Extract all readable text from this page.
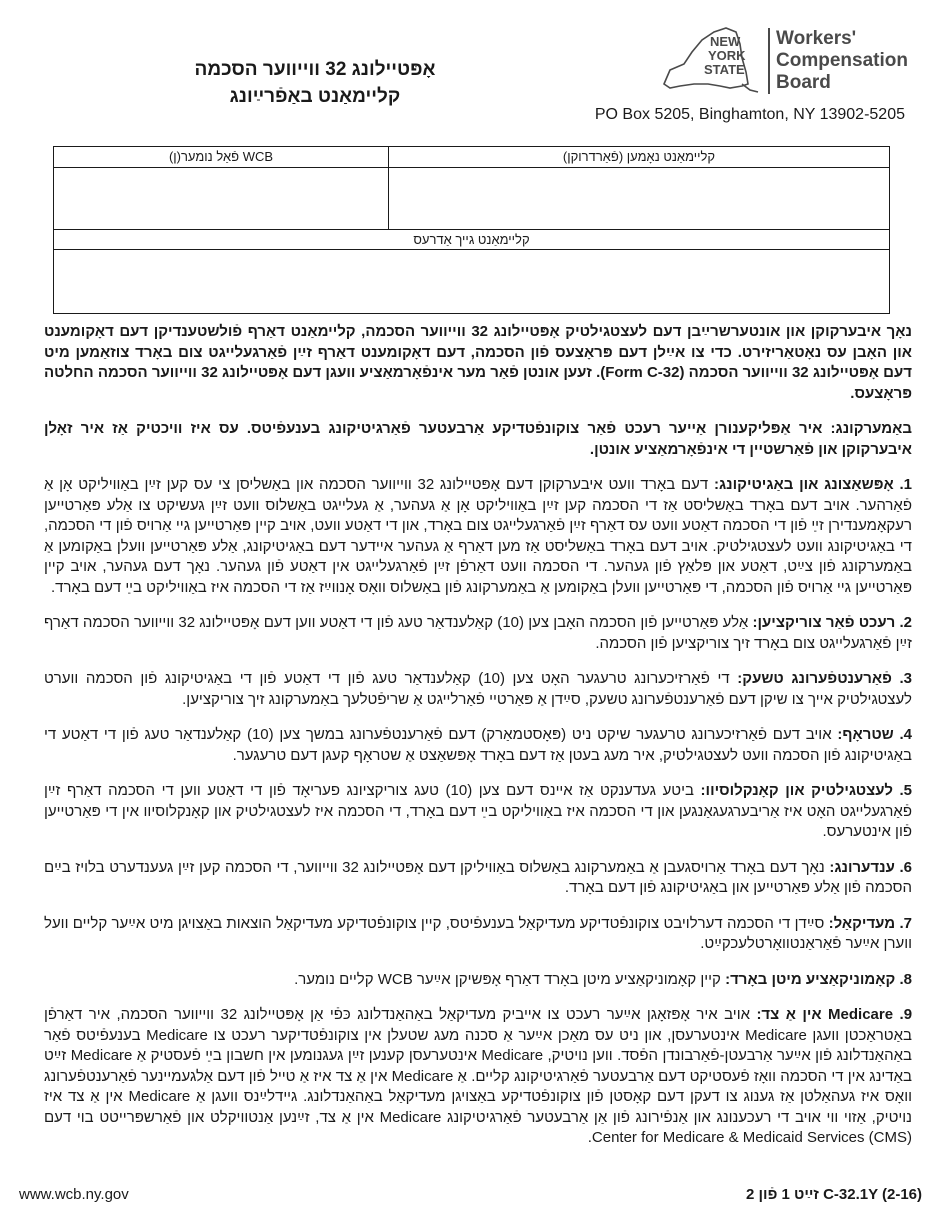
אָפּטיילונג 32 ווייווער הסכמה
קליימאַנט באַפֿרײַונג
NEW
YORK
STATE
Workers'
Compensation
Board
PO Box 5205, Binghamton, NY 13902-5205
קליימאַנט נאָמען (פֿאַרדרוקן)
WCB פֿאַל נומער(ן)
קליימאַנט גייך אַדרעס

נאָך איבערקוקן און אונטערשרײַבן דעם לעצטגילטיק אָפּטיילונג 32 ווייווער הסכמה, קליימאַנט דאַרף פֿולשטענדיקן דעם דאָקומענט און האָבן עס נאָטאַריזירט. כדי צו אײַלן דעם פּראָצעס פֿון הסכמה, דעם דאָקומענט דאַרף זײַן פֿאַרגעלייגט צום באָרד צוזאַמען מיט דעם אָפּטיילונג 32 ווייווער הסכמה (Form C-32). זעען אונטן פֿאַר מער אינפֿאָרמאַציע וועגן דעם אָפּטיילונג 32 ווייווער הסכמה החלטה פּראָצעס.

באַמערקונג: איר אַפּליקענורן אַייער רעכט פֿאַר צוקונפֿטדיקע אַרבעטער פֿאַרגיטיקונג בענעפֿיטס. עס איז וויכטיק אַז איר זאָלן איבערקוקן און פֿאַרשטיין די אינפֿאָרמאַציע אונטן.

1. אָפּשאַצונג און באַגיטיקונג: דעם באָרד וועט איבערקוקן דעם אָפּטיילונג 32 ווייווער הסכמה און באַשליסן צי עס קען זײַן באַוויליקט אָן אַ פֿאַרהער. אויב דעם באָרד באַשליסט אַז די הסכמה קען זײַן באַוויליקט אָן אַ געהער, אַ געלייגט באַשלוס וועט זײַן געשיקט צו אַלע פּאַרטייען רעקאָמענדירן זײַ פֿון די הסכמה דאַטע וועט עס דאַרף זײַן פֿאַרגעלייגט צום באָרד, און די דאַטע וועט, אויב קיין פּאַרטייען גיי אַרויס פֿון די הסכמה, די באַגיטיקונג וועט לעצטגילטיק. אויב דעם באָרד באַשליסט אַז מען דאַרף אַ געהער איידער דעם באַגיטיקונג, אַלע פּאַרטייען וועלן באַקומען אַ באַמערקונג פֿון צײַט, דאַטע און פּלאַץ פֿון געהער. די הסכמה וועט דאַרפֿן זײַן פֿאַרגעלייגט אין דאַטע פֿון געהער. נאָך דעם געהער, אויב קיין פּאַרטייען גיי אַרויס פֿון הסכמה, די פּאַרטייען וועלן באַקומען אַ באַמערקונג פֿון באַשלוס וואָס אָנווײַז אַז די הסכמה איז באַוויליקט בײַ דעם באָרד.

2. רעכט פֿאַר צוריקציען: אַלע פּאַרטייען פֿון הסכמה האָבן צען (10) קאַלענדאַר טעג פֿון די דאַטע ווען דעם אָפּטיילונג 32 ווייווער הסכמה דאַרף זײַן פֿאַרגעלייגט צום באָרד זיך צוריקציען פֿון הסכמה.

3. פֿאַרענטפֿערונג טשעק: די פֿאַרזיכערונג טרעגער האָט צען (10) קאַלענדאַר טעג פֿון די דאַטע פֿון די באַגיטיקונג פֿון הסכמה ווערט לעצטגילטיק אייך צו שיקן דעם פֿאַרענטפֿערונג טשעק, סײַדן אַ פּאַרטיי פֿאַרלייגט אַ שריפֿטלעך באַמערקונג זיך צוריקציען.

4. שטראָף: אויב דעם פֿאַרזיכערונג טרעגער שיקט ניט (פּאָסטמאַרק) דעם פֿאַרענטפֿערונג במשך צען (10) קאַלענדאַר טעג פֿון די דאַטע די באַגיטיקונג פֿון הסכמה וועט לעצטגילטיק, איר מעג בעטן אַז דעם באָרד אָפּשאַצט אַ שטראָף קעגן דעם טרעגער.

5. לעצטגילטיק און קאָנקלוסיוו: ביטע געדענקט אַז אײנס דעם צען (10) טעג צוריקציונג פעריאָד פֿון די דאַטע ווען די הסכמה דאַרף זײַן פֿאַרגעלייגט האָט איז אַריבערגעגאַנגען און די הסכמה איז באַוויליקט בײַ דעם באָרד, די הסכמה איז לעצטגילטיק און קאָנקלוסיוו אין די פּאַרטייען פֿון אינטערעס.

6. ענדערונג: נאָך דעם באָרד אַרויסגעבן אַ באַמערקונג באַשלוס באַוויליקן דעם אָפּטיילונג 32 ווייווער, די הסכמה קען זײַן געענדערט בלויז בײַם הסכמה פֿון אַלע פּאַרטייען און באַגיטיקונג פֿון דעם באָרד.

7. מעדיקאַל: סײַדן די הסכמה דערלויבט צוקונפֿטדיקע מעדיקאַל בענעפֿיטס, קיין צוקונפֿטדיקע מעדיקאַל הוצאות באַצויגן מיט אײַער קליים וועל ווערן אײַער פֿאַראַנטוואָרטלעכקײַט.

8. קאָמוניקאַציע מיטן באָרד: קיין קאָמוניקאַציע מיטן באָרד דאַרף אָפּשיקן אײַער WCB קליים נומער.

9. Medicare אין אַ צד: אויב איר אָפּזאָגן אײַער רעכט צו אײביק מעדיקאַל באַהאַנדלונג כּפֿי אַן אָפּטיילונג 32 ווייווער הסכמה, איר דאַרפֿן באַטראַכטן וועגן Medicare אינטערעסן, און ניט עס מאַכן אײַער אַ סכנה מעג שטעלן אין צוקונפֿטדיקער רעכט צו Medicare בענעפֿיטס פֿאַר באַהאַנדלונג פֿון אײַער אַרבעטן-פֿאַרבונדן הפֿסד. ווען נויטיק, Medicare אינטערעסן קענען זײַן געגנומען אין חשבון בײַ פֿעסטיק אַ Medicare זײַט באַדינג אין די הסכמה וואָז פֿעסטיקט דעם אַרבעטער פֿאַרגיטיקונג קליים. אַ Medicare אין אַ צד איז אַ טייל פֿון דעם אַלגעמיינער פֿאַרענטפֿערונג וואָס איז געהאַלטן אַז גענוג צו דעקן דעם קאָסטן פֿון צוקונפֿטדיקע באַצויגן מעדיקאַל באַהאַנדלונג. גײדלײַנס וועגן אַ Medicare אין אַ צד איז נויטיק, אַזוי ווי אויב די רעכענונג און אַנפֿירונג פֿון אַן אַרבעטער פֿאַרגיטיקונג Medicare אין אַ צד, זײַנען אַנטוויקלט און פֿאַרשפּרייטט בוי דעם Center for Medicare & Medicaid Services (CMS).

www.wcb.ny.gov	C-32.1Y (2-16) זײַט 1 פֿון 2
